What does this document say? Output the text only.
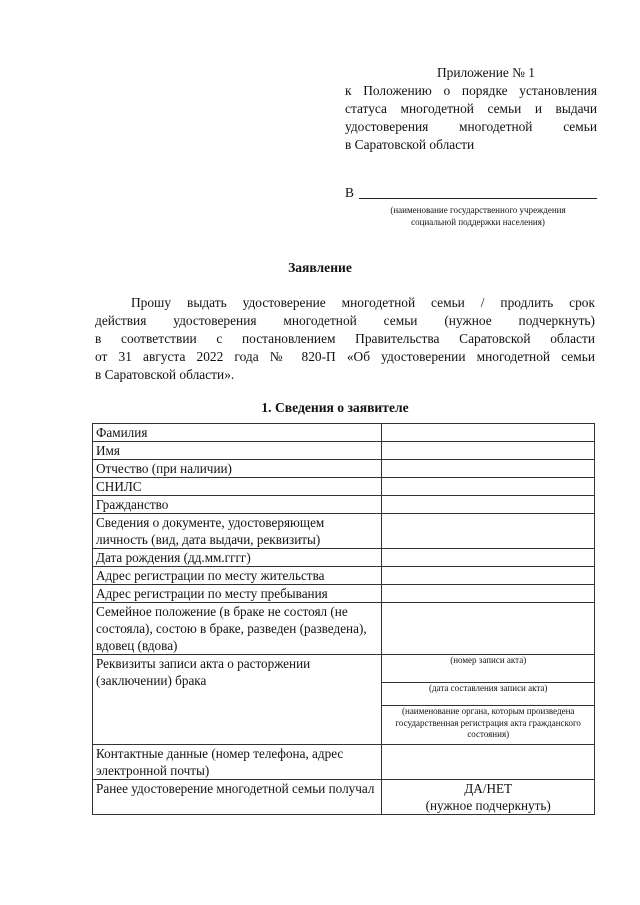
Приложение № 1
к Положению о порядке установления
статуса многодетной семьи и выдачи
удостоверения многодетной семьи
в Саратовской области
В
(наименование государственного учреждения
социальной поддержки населения)
Заявление
Прошу выдать удостоверение многодетной семьи / продлить срок
действия удостоверения многодетной семьи (нужное подчеркнуть)
в соответствии с постановлением Правительства Саратовской области
от 31 августа 2022 года № 820-П «Об удостоверении многодетной семьи
в Саратовской области».
1. Сведения о заявителе
Фамилия	
Имя	
Отчество (при наличии)	
СНИЛС	
Гражданство	
Сведения о документе, удостоверяющем личность (вид, дата выдачи, реквизиты)	
Дата рождения (дд.мм.гггг)	
Адрес регистрации по месту жительства	
Адрес регистрации по месту пребывания	
Семейное положение (в браке не состоял (не состояла), состою в браке, разведен (разведена), вдовец (вдова)	
Реквизиты записи акта о расторжении (заключении) брака	(номер записи акта)
	(дата составления записи акта)
	(наименование органа, которым произведена государственная регистрация акта гражданского состояния)
Контактные данные (номер телефона, адрес электронной почты)	
Ранее удостоверение многодетной семьи получал	ДА/НЕТ
(нужное подчеркнуть)
